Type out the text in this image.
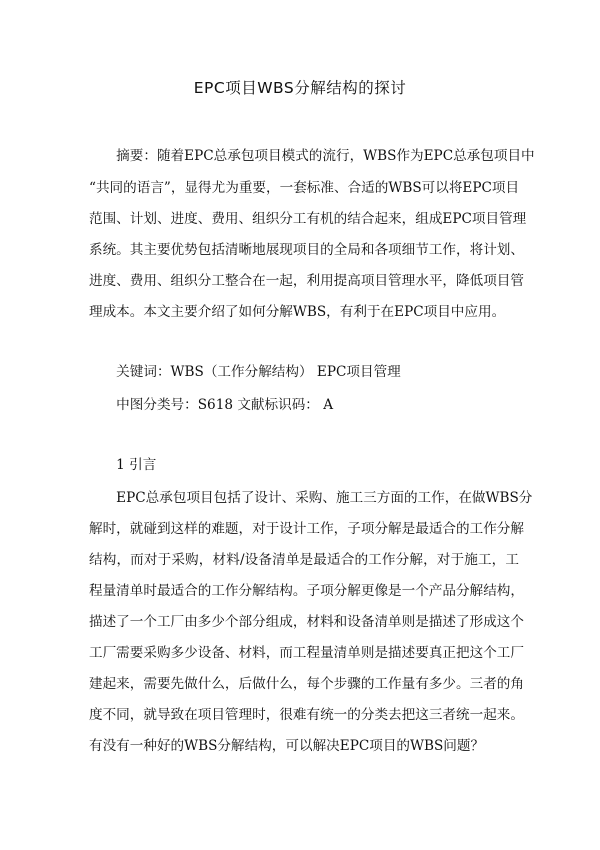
EPC项目WBS分解结构的探讨
　　摘要：随着EPC总承包项目模式的流行，WBS作为EPC总承包项目中
“共同的语言”，显得尤为重要，一套标准、合适的WBS可以将EPC项目
范围、计划、进度、费用、组织分工有机的结合起来，组成EPC项目管理
系统。其主要优势包括清晰地展现项目的全局和各项细节工作，将计划、
进度、费用、组织分工整合在一起，利用提高项目管理水平，降低项目管
理成本。本文主要介绍了如何分解WBS，有利于在EPC项目中应用。
　　关键词：WBS（工作分解结构） EPC项目管理
　　中图分类号：S618 文献标识码： A
　　1 引言
　　EPC总承包项目包括了设计、采购、施工三方面的工作，在做WBS分
解时，就碰到这样的难题，对于设计工作，子项分解是最适合的工作分解
结构，而对于采购，材料/设备清单是最适合的工作分解，对于施工，工
程量清单时最适合的工作分解结构。子项分解更像是一个产品分解结构，
描述了一个工厂由多少个部分组成，材料和设备清单则是描述了形成这个
工厂需要采购多少设备、材料，而工程量清单则是描述要真正把这个工厂
建起来，需要先做什么，后做什么，每个步骤的工作量有多少。三者的角
度不同，就导致在项目管理时，很难有统一的分类去把这三者统一起来。
有没有一种好的WBS分解结构，可以解决EPC项目的WBS问题？
